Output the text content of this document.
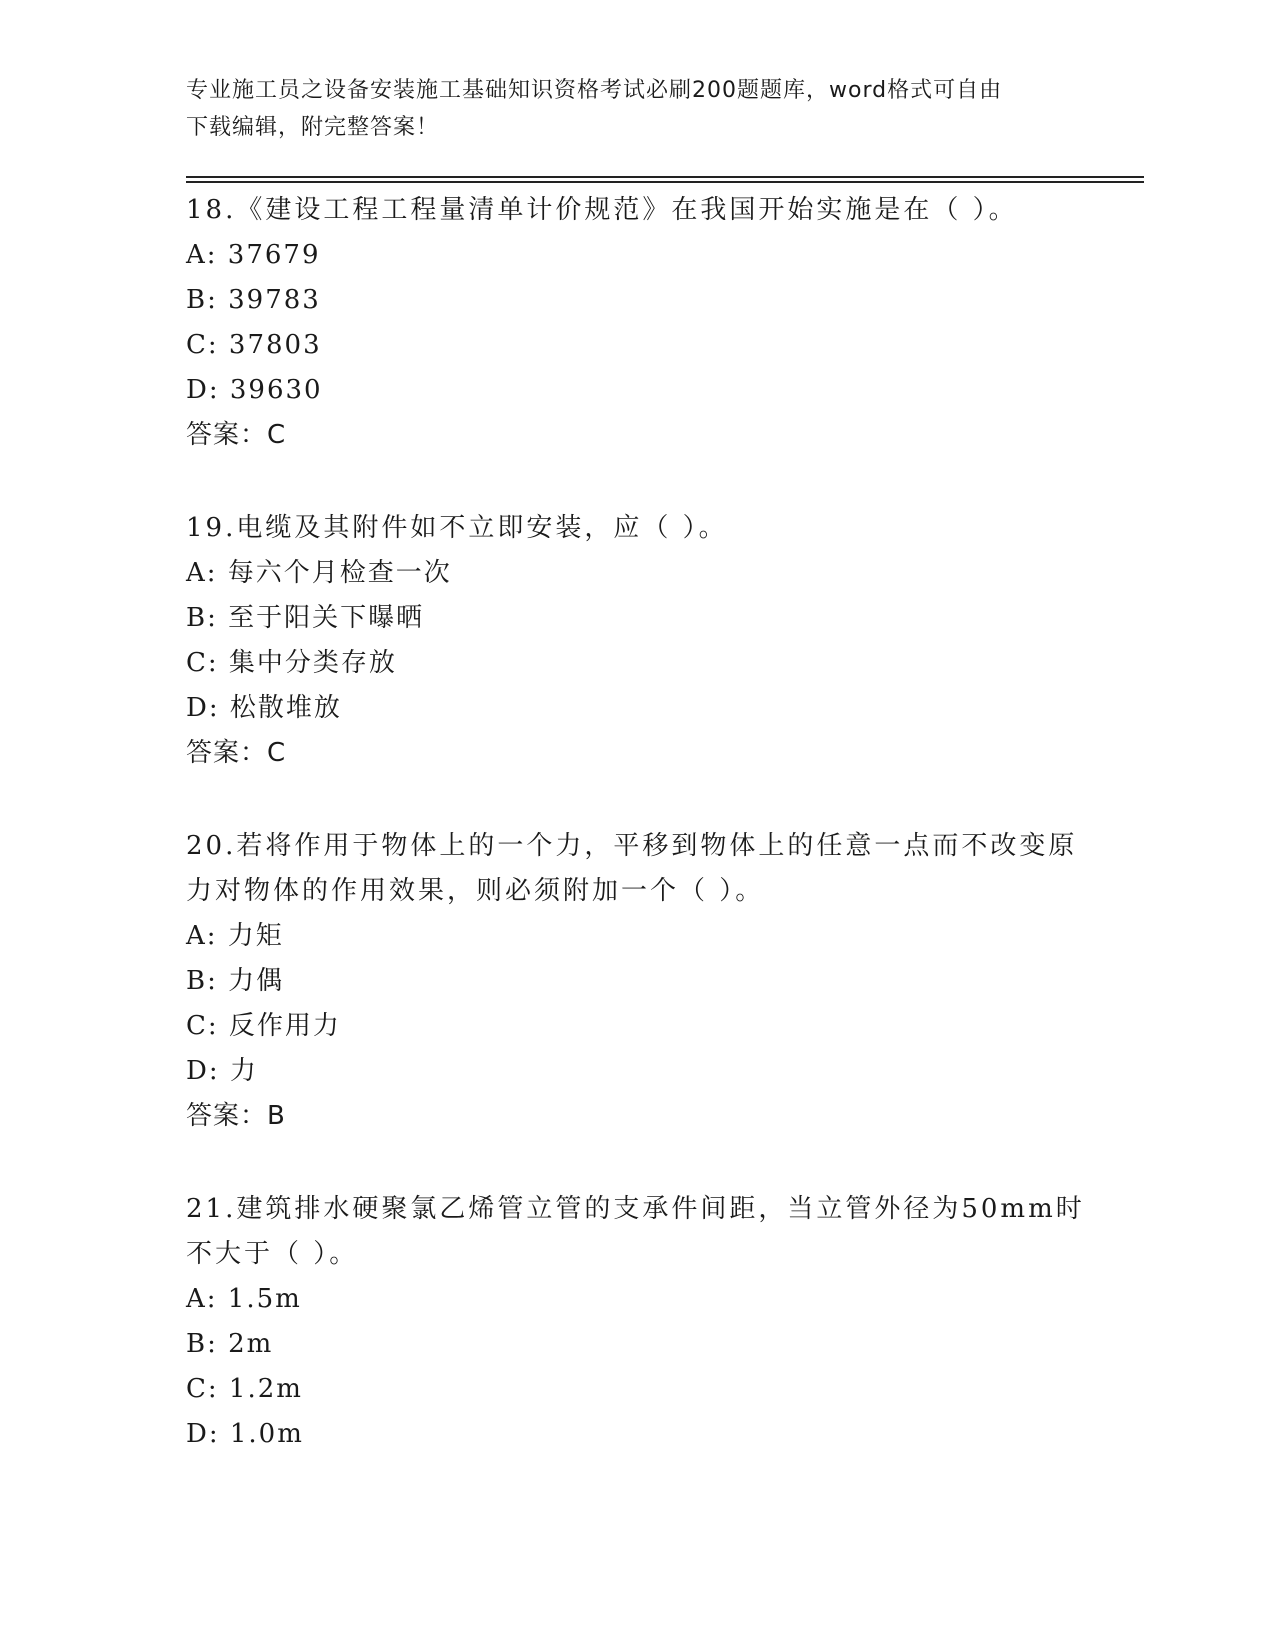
专业施工员之设备安装施工基础知识资格考试必刷200题题库，word格式可自由
下载编辑，附完整答案！
18.《建设工程工程量清单计价规范》在我国开始实施是在（ ）。
A: 37679
B: 39783
C: 37803
D: 39630
答案：C
19.电缆及其附件如不立即安装，应（ ）。
A: 每六个月检查一次
B: 至于阳关下曝晒
C: 集中分类存放
D: 松散堆放
答案：C
20.若将作用于物体上的一个力，平移到物体上的任意一点而不改变原
力对物体的作用效果，则必须附加一个（ ）。
A: 力矩
B: 力偶
C: 反作用力
D: 力
答案：B
21.建筑排水硬聚氯乙烯管立管的支承件间距，当立管外径为50mm时
不大于（ ）。
A: 1.5m
B: 2m
C: 1.2m
D: 1.0m
